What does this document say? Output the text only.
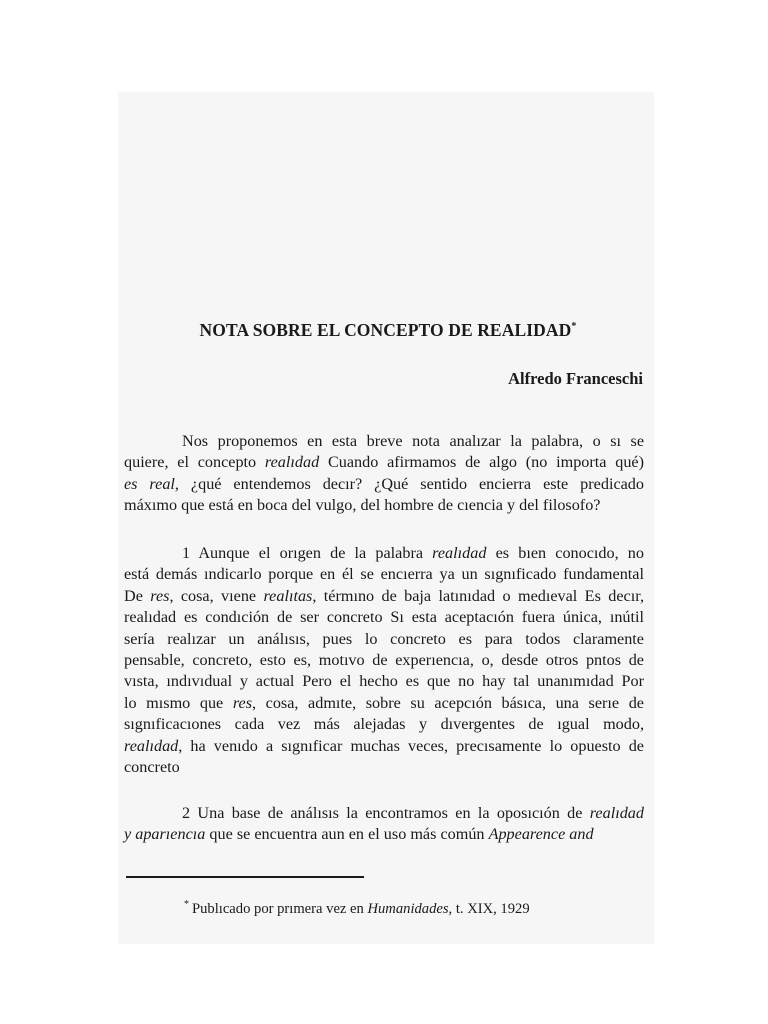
NOTA SOBRE EL CONCEPTO DE REALIDAD*
Alfredo Franceschi
Nos proponemos en esta breve nota analızar la palabra, o sı se
quiere, el concepto realıdad Cuando afirmamos de algo (no importa qué)
es real, ¿qué entendemos decır? ¿Qué sentido encierra este predicado
máxımo que está en boca del vulgo, del hombre de cıencia y del filosofo?
1 Aunque el orıgen de la palabra realıdad es bıen conocıdo, no
está demás ındicarlo porque en él se encıerra ya un sıgnıficado fundamental
De res, cosa, vıene realıtas, térmıno de baja latınıdad o medıeval Es decır,
realıdad es condıción de ser concreto Sı esta aceptacıón fuera única, ınútil
sería realızar un análısıs, pues lo concreto es para todos claramente
pensable, concreto, esto es, motıvo de experıencıa, o, desde otros pntos de
vısta, ındıvıdual y actual Pero el hecho es que no hay tal unanımıdad Por
lo mısmo que res, cosa, admıte, sobre su acepcıón básıca, una serıe de
sıgnıficacıones cada vez más alejadas y dıvergentes de ıgual modo,
realıdad, ha venıdo a sıgnıficar muchas veces, precısamente lo opuesto de
concreto
2 Una base de análısıs la encontramos en la oposıcıón de realıdad
y aparıencıa que se encuentra aun en el uso más común Appearence and
* Publıcado por prımera vez en Humanidades, t. XIX, 1929
